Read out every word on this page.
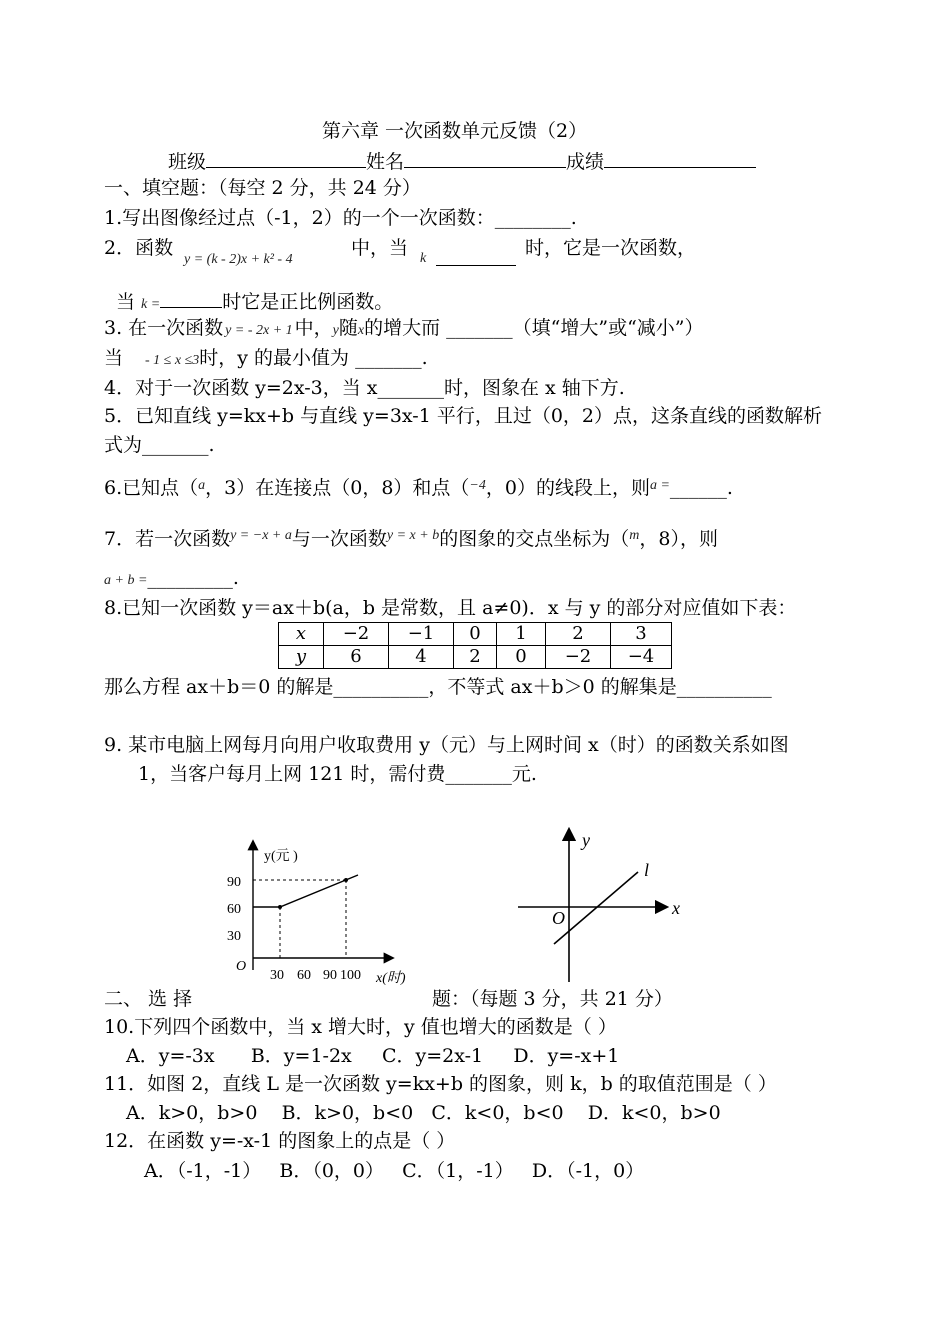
第六章 一次函数单元反馈（2）
班级	姓名	成绩
一、填空题：（每空 2 分，共 24 分）
1.写出图像经过点（-1，2）的一个一次函数：________.
2．函数
y = (k - 2)x + k² - 4
中，当 k	时，它是一次函数，
当 k =	时它是正比例函数。
3. 在一次函数 y = - 2x + 1 中，y随x的增大而 _______（填“增大”或“减小”）
当 - 1 ≤ x ≤3时，y 的最小值为 _______.
4．对于一次函数 y=2x-3，当 x_______时，图象在 x 轴下方.
5．已知直线 y=kx+b 与直线 y=3x-1 平行，且过（0，2）点，这条直线的函数解析
式为_______.
6.已知点（$^a$，3）在连接点（0，8）和点（$^{-4}$，0）的线段上，则$^{a =}$______.
7．若一次函数$^{y = -x + a}$与一次函数$^{y = x + b}$的图象的交点坐标为（$^m$，8），则
a + b =_________.
8.已知一次函数 y＝ax＋b(a，b 是常数，且 a≠0)．x 与 y 的部分对应值如下表：
x	−2	−1	0	1	2	3
y	6	4	2	0	−2	−4
那么方程 ax＋b＝0 的解是__________，不等式 ax＋b＞0 的解集是__________
9. 某市电脑上网每月向用户收取费用 y（元）与上网时间 x（时）的函数关系如图
1，当客户每月上网 121 时，需付费_______元.
y(元 )
x(时)
O
90
60
30
30 60 90 100
x
y
O
l
二、 选 择	题：（每题 3 分，共 21 分）
10.下列四个函数中，当 x 增大时，y 值也增大的函数是（ ）
A．y=-3x      B．y=1-2x     C．y=2x-1     D．y=-x+1
11．如图 2，直线 L 是一次函数 y=kx+b 的图象，则 k，b 的取值范围是（ ）
A．k>0，b>0    B．k>0，b<0   C．k<0，b<0    D．k<0，b>0
12．在函数 y=-x-1 的图象上的点是（ ）
A．（-1，-1）   B．（0，0）   C．（1，-1）   D．（-1，0）
